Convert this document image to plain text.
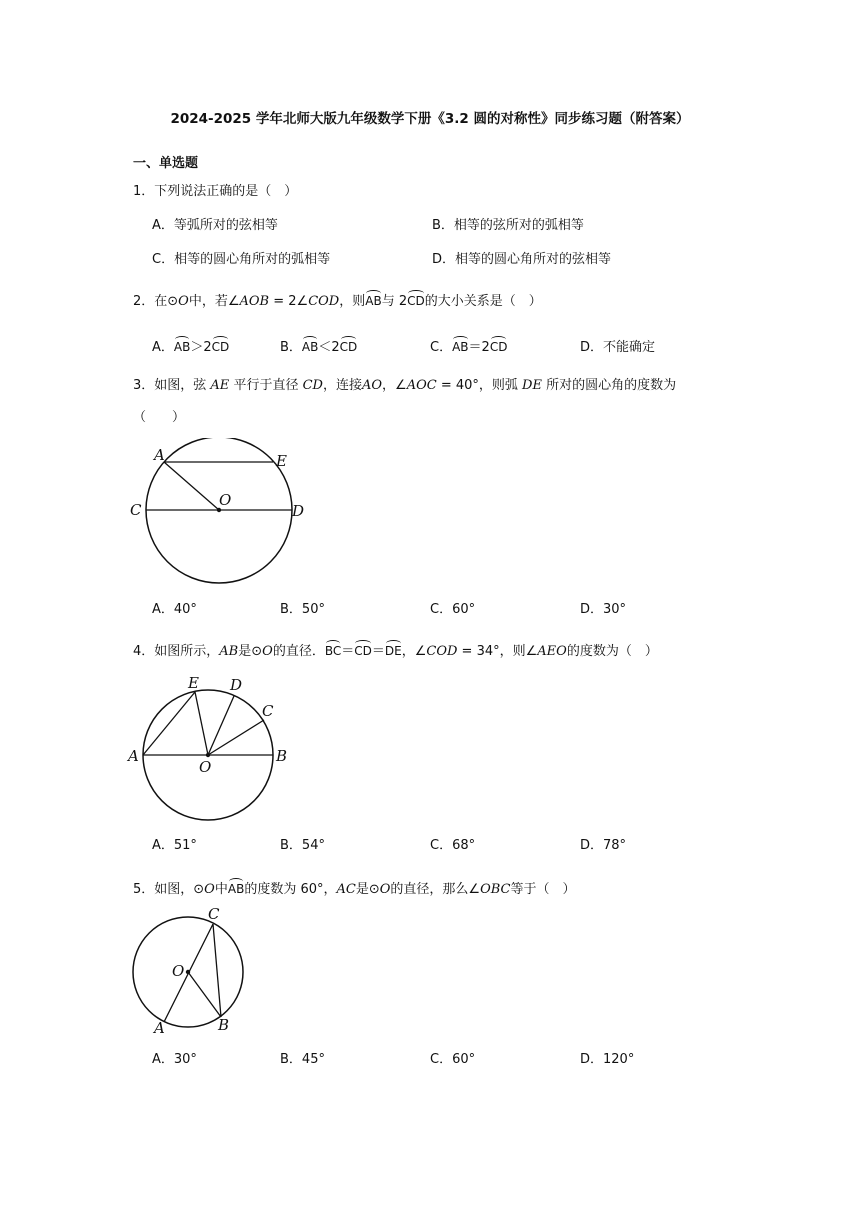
2024-2025 学年北师大版九年级数学下册《3.2 圆的对称性》同步练习题（附答案）
一、单选题
1．下列说法正确的是（　）
A．等弧所对的弦相等	B．相等的弦所对的弧相等
C．相等的圆心角所对的弧相等	D．相等的圆心角所对的弦相等
2．在⊙O中，若∠AOB = 2∠COD，则AB与 2CD的大小关系是（　）
A．AB＞2CD	B．AB＜2CD	C．AB＝2CD	D．不能确定
3．如图，弦 AE 平行于直径 CD，连接AO，∠AOC = 40°，则弧 DE 所对的圆心角的度数为
（　　）
A	E
C
O
D
A．40°	B．50°	C．60°	D．30°
4．如图所示，AB是⊙O的直径．BC＝CD＝DE，∠COD = 34°，则∠AEO的度数为（　）
E D
C
A
O
B
A．51°	B．54°	C．68°	D．78°
5．如图，⊙O中AB的度数为 60°，AC是⊙O的直径，那么∠OBC等于（　）
C
O
A	B
A．30°	B．45°	C．60°	D．120°
